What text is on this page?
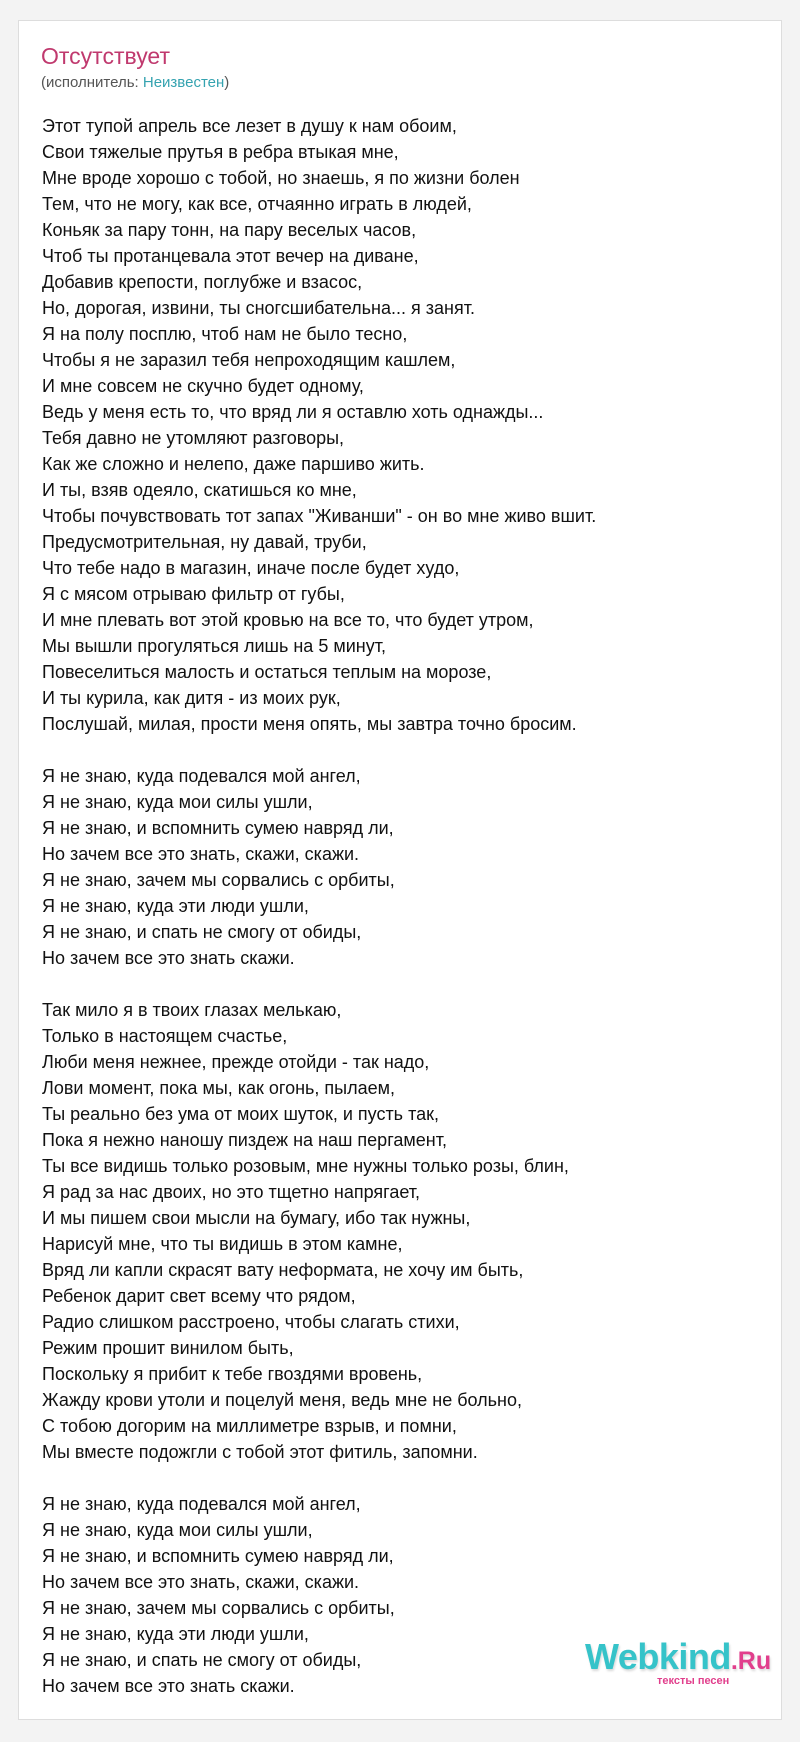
Отсутствует
(исполнитель: Неизвестен)
Этот тупой апрель все лезет в душу к нам обоим,
Свои тяжелые прутья в ребра втыкая мне,
Мне вроде хорошо с тобой, но знаешь, я по жизни болен
Тем, что не могу, как все, отчаянно играть в людей,
Коньяк за пару тонн, на пару веселых часов,
Чтоб ты протанцевала этот вечер на диване,
Добавив крепости, поглубже и взасос,
Но, дорогая, извини, ты сногсшибательна... я занят.
Я на полу посплю, чтоб нам не было тесно,
Чтобы я не заразил тебя непроходящим кашлем,
И мне совсем не скучно будет одному,
Ведь у меня есть то, что вряд ли я оставлю хоть однажды...
Тебя давно не утомляют разговоры,
Как же сложно и нелепо, даже паршиво жить.
И ты, взяв одеяло, скатишься ко мне,
Чтобы почувствовать тот запах "Живанши" - он во мне живо вшит.
Предусмотрительная, ну давай, труби,
Что тебе надо в магазин, иначе после будет худо,
Я с мясом отрываю фильтр от губы,
И мне плевать вот этой кровью на все то, что будет утром,
Мы вышли прогуляться лишь на 5 минут,
Повеселиться малость и остаться теплым на морозе,
И ты курила, как дитя - из моих рук,
Послушай, милая, прости меня опять, мы завтра точно бросим.
Я не знаю, куда подевался мой ангел,
Я не знаю, куда мои силы ушли,
Я не знаю, и вспомнить сумею навряд ли,
Но зачем все это знать, скажи, скажи.
Я не знаю, зачем мы сорвались с орбиты,
Я не знаю, куда эти люди ушли,
Я не знаю, и спать не смогу от обиды,
Но зачем все это знать скажи.
Так мило я в твоих глазах мелькаю,
Только в настоящем счастье,
Люби меня нежнее, прежде отойди - так надо,
Лови момент, пока мы, как огонь, пылаем,
Ты реально без ума от моих шуток, и пусть так,
Пока я нежно наношу пиздеж на наш пергамент,
Ты все видишь только розовым, мне нужны только розы, блин,
Я рад за нас двоих, но это тщетно напрягает,
И мы пишем свои мысли на бумагу, ибо так нужны,
Нарисуй мне, что ты видишь в этом камне,
Вряд ли капли скрасят вату неформата, не хочу им быть,
Ребенок дарит свет всему что рядом,
Радио слишком расстроено, чтобы слагать стихи,
Режим прошит винилом быть,
Поскольку я прибит к тебе гвоздями вровень,
Жажду крови утоли и поцелуй меня, ведь мне не больно,
С тобою догорим на миллиметре взрыв, и помни,
Мы вместе подожгли с тобой этот фитиль, запомни.
Я не знаю, куда подевался мой ангел,
Я не знаю, куда мои силы ушли,
Я не знаю, и вспомнить сумею навряд ли,
Но зачем все это знать, скажи, скажи.
Я не знаю, зачем мы сорвались с орбиты,
Я не знаю, куда эти люди ушли,
Я не знаю, и спать не смогу от обиды,
Но зачем все это знать скажи.
Webkind.Ru
тексты песен
